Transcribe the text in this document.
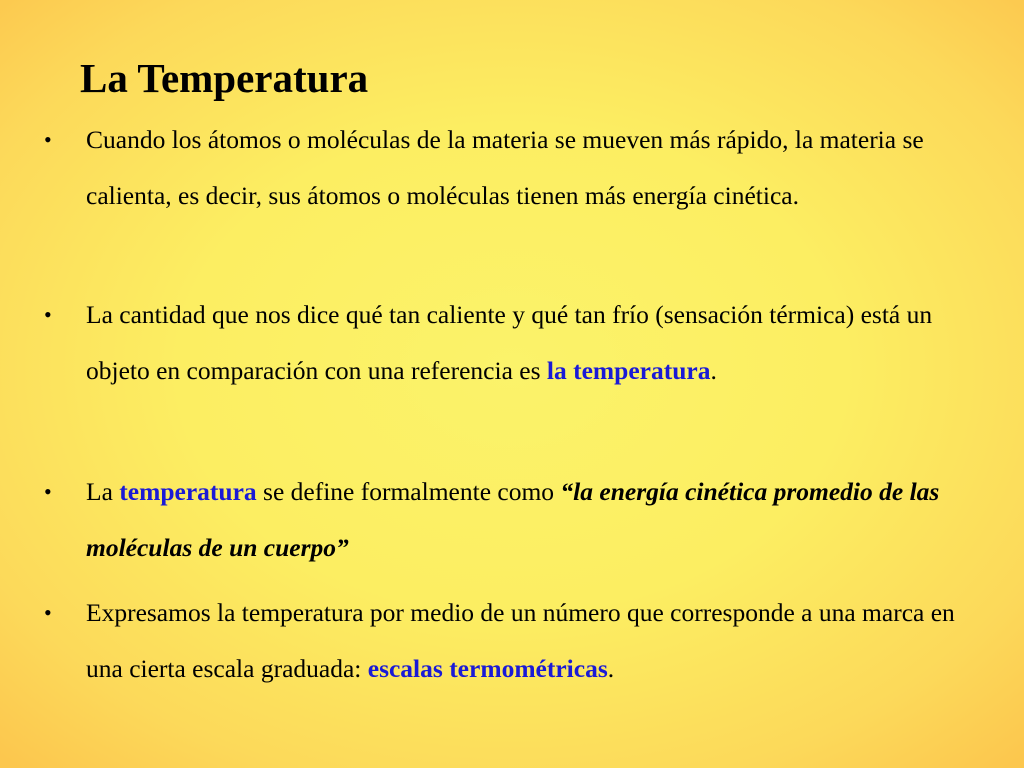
La Temperatura
• Cuando los átomos o moléculas de la materia se mueven más rápido, la materia se calienta, es decir, sus átomos o moléculas tienen más energía cinética.
• La cantidad que nos dice qué tan caliente y qué tan frío (sensación térmica) está un objeto en comparación con una referencia es la temperatura.
• La temperatura se define formalmente como “la energía cinética promedio de las moléculas de un cuerpo”
• Expresamos la temperatura por medio de un número que corresponde a una marca en una cierta escala graduada: escalas termométricas.
